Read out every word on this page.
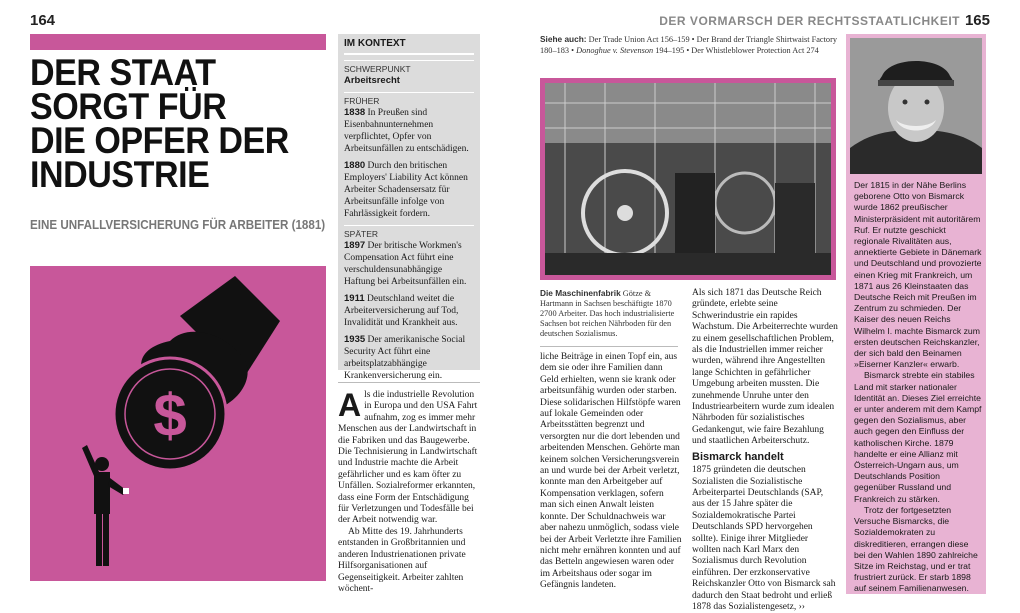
164
DER STAAT
SORGT FÜR
DIE OPFER DER
INDUSTRIE
EINE UNFALLVERSICHERUNG FÜR ARBEITER (1881)
$
IM KONTEXT
SCHWERPUNKT

Arbeitsrecht

FRÜHER

1838 In Preußen sind Eisenbahnunternehmen verpflichtet, Opfer von Arbeitsunfällen zu entschädigen.

1880 Durch den britischen Employers' Liability Act können Arbeiter Schadensersatz für Arbeitsunfälle infolge von Fahrlässigkeit fordern.

SPÄTER

1897 Der britische Workmen's Compensation Act führt eine verschuldensunabhängige Haftung bei Arbeitsunfällen ein.

1911 Deutschland weitet die Arbeiterversicherung auf Tod, Invalidität und Krankheit aus.

1935 Der amerikanische Social Security Act führt eine arbeitsplatzabhängige Krankenversicherung ein.

Als die industrielle Revolution in Europa und den USA Fahrt aufnahm, zog es immer mehr Menschen aus der Landwirtschaft in die Fabriken und das Baugewerbe. Die Technisierung in Landwirtschaft und Industrie machte die Arbeit gefährlicher und es kam öfter zu Unfällen. Sozialreformer erkannten, dass eine Form der Entschädigung für Verletzungen und Todesfälle bei der Arbeit notwendig war.
Ab Mitte des 19. Jahrhunderts entstanden in Großbritannien und anderen Industrienationen private Hilfsorganisationen auf Gegenseitigkeit. Arbeiter zahlten wöchent-
DER VORMARSCH DER RECHTSSTAATLICHKEIT 165
Siehe auch: Der Trade Union Act 156–159 • Der Brand der Triangle Shirtwaist Factory 180–183 • Donoghue v. Stevenson 194–195 • Der Whistleblower Protection Act 274
Die Maschinenfabrik Götze & Hartmann in Sachsen beschäftigte 1870 2700 Arbeiter. Das hoch industrialisierte Sachsen bot reichen Nährboden für den deutschen Sozialismus.
liche Beiträge in einen Topf ein, aus dem sie oder ihre Familien dann Geld erhielten, wenn sie krank oder arbeitsunfähig wurden oder starben. Diese solidarischen Hilfstöpfe waren auf lokale Gemeinden oder Arbeitsstätten begrenzt und versorgten nur die dort lebenden und arbeitenden Menschen. Gehörte man keinem solchen Versicherungsverein an und wurde bei der Arbeit verletzt, konnte man den Arbeitgeber auf Kompensation verklagen, sofern man sich einen Anwalt leisten konnte. Der Schuldnachweis war aber nahezu unmöglich, sodass viele bei der Arbeit Verletzte ihre Familien nicht mehr ernähren konnten und auf das Betteln angewiesen waren oder im Arbeitshaus oder sogar im Gefängnis landeten.
Als sich 1871 das Deutsche Reich gründete, erlebte seine Schwerindustrie ein rapides Wachstum. Die Arbeiterrechte wurden zu einem gesellschaftlichen Problem, als die Industriellen immer reicher wurden, während ihre Angestellten lange Schichten in gefährlicher Umgebung arbeiten mussten. Die zunehmende Unruhe unter den Industriearbeitern wurde zum idealen Nährboden für sozialistisches Gedankengut, wie faire Bezahlung und staatlichen Arbeiterschutz.
Bismarck handelt
1875 gründeten die deutschen Sozialisten die Sozialistische Arbeiterpartei Deutschlands (SAP, aus der 15 Jahre später die Sozialdemokratische Partei Deutschlands SPD hervorgehen sollte). Einige ihrer Mitglieder wollten nach Karl Marx den Sozialismus durch Revolution einführen. Der erzkonservative Reichskanzler Otto von Bismarck sah dadurch den Staat bedroht und erließ 1878 das Sozialistengesetz, ››

Der 1815 in der Nähe Berlins geborene Otto von Bismarck wurde 1862 preußischer Ministerpräsident mit autoritärem Ruf. Er nutzte geschickt regionale Rivalitäten aus, annektierte Gebiete in Dänemark und Deutschland und provozierte einen Krieg mit Frankreich, um 1871 aus 26 Kleinstaaten das Deutsche Reich mit Preußen im Zentrum zu schmieden. Der Kaiser des neuen Reichs Wilhelm I. machte Bismarck zum ersten deutschen Reichskanzler, der sich bald den Beinamen »Eiserner Kanzler« erwarb.

Bismarck strebte ein stabiles Land mit starker nationaler Identität an. Dieses Ziel erreichte er unter anderem mit dem Kampf gegen den Sozialismus, aber auch gegen den Einfluss der katholischen Kirche. 1879 handelte er eine Allianz mit Österreich-Ungarn aus, um Deutschlands Position gegenüber Russland und Frankreich zu stärken.

Trotz der fortgesetzten Versuche Bismarcks, die Sozialdemokraten zu diskreditieren, errangen diese bei den Wahlen 1890 zahlreiche Sitze im Reichstag, und er trat frustriert zurück. Er starb 1898 auf seinem Familienanwesen.
